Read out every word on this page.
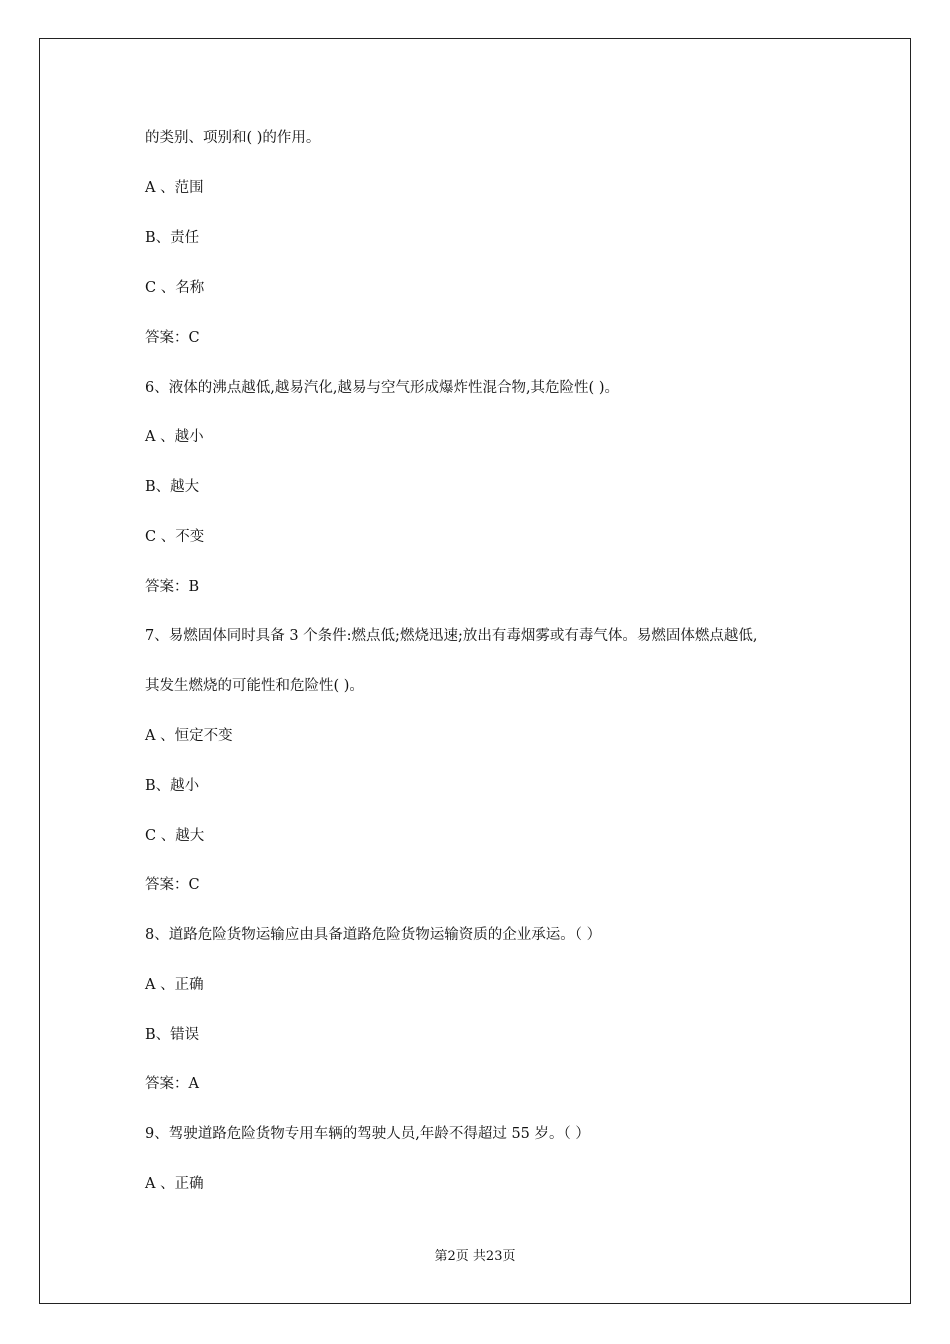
的类别、项别和( )的作用。
A 、范围
B、责任
C 、名称
答案：C
6、液体的沸点越低,越易汽化,越易与空气形成爆炸性混合物,其危险性( )。
A 、越小
B、越大
C 、不变
答案：B
7、易燃固体同时具备 3 个条件:燃点低;燃烧迅速;放出有毒烟雾或有毒气体。易燃固体燃点越低,
其发生燃烧的可能性和危险性( )。
A 、恒定不变
B、越小
C 、越大
答案：C
8、道路危险货物运输应由具备道路危险货物运输资质的企业承运。（ ）
A 、正确
B、错误
答案：A
9、驾驶道路危险货物专用车辆的驾驶人员,年龄不得超过 55 岁。（ ）
A 、正确
第2页 共23页
